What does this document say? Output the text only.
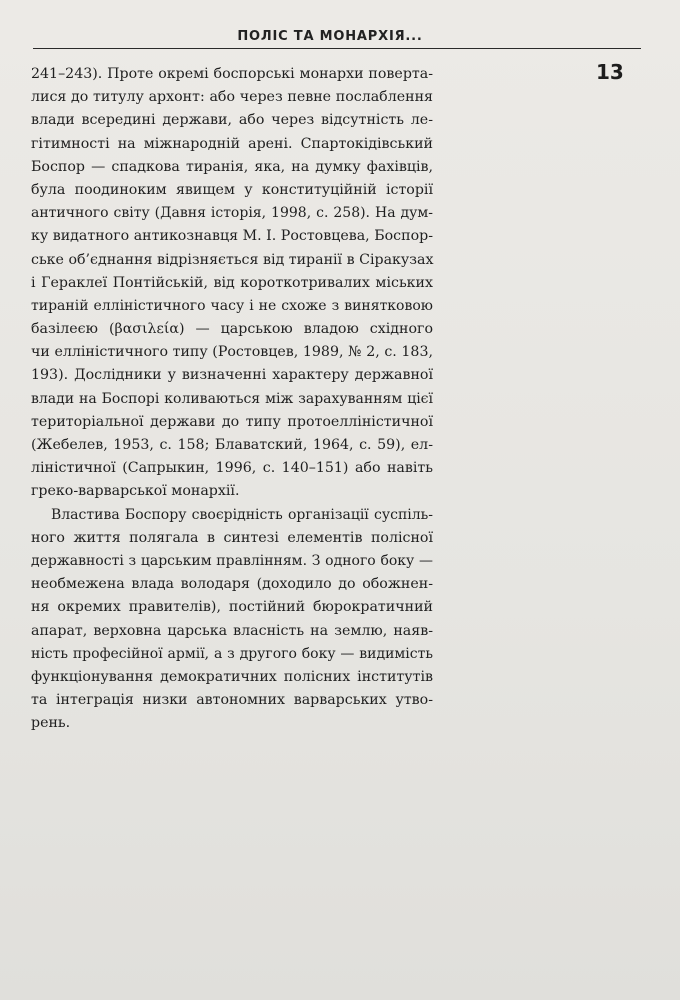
ПОЛІС ТА МОНАРХІЯ...
13
241–243). Проте окремі боспорські монархи поверта-
лися до титулу архонт: або через певне послаблення
влади всередині держави, або через відсутність ле-
гітимності на міжнародній арені. Спартокідівський
Боспор — спадкова тиранія, яка, на думку фахівців,
була поодиноким явищем у конституційній історії
античного світу (Давня історія, 1998, с. 258). На дум-
ку видатного антикознавця М. І. Ростовцева, Боспор-
ське об’єднання відрізняється від тиранії в Сіракузах
і Гераклеї Понтійській, від короткотривалих міських
тираній елліністичного часу і не схоже з винятковою
базілеєю (βασιλεία) — царською владою східного
чи елліністичного типу (Ростовцев, 1989, № 2, с. 183,
193). Дослідники у визначенні характеру державної
влади на Боспорі коливаються між зарахуванням цієї
територіальної держави до типу протоелліністичної
(Жебелев, 1953, с. 158; Блаватский, 1964, с. 59), ел-
ліністичної (Сапрыкин, 1996, с. 140–151) або навіть
греко-варварської монархії.
Властива Боспору своєрідність організації суспіль-
ного життя полягала в синтезі елементів полісної
державності з царським правлінням. З одного боку —
необмежена влада володаря (доходило до обожнен-
ня окремих правителів), постійний бюрократичний
апарат, верховна царська власність на землю, наяв-
ність професійної армії, а з другого боку — видимість
функціонування демократичних полісних інститутів
та інтеграція низки автономних варварських утво-
рень.
